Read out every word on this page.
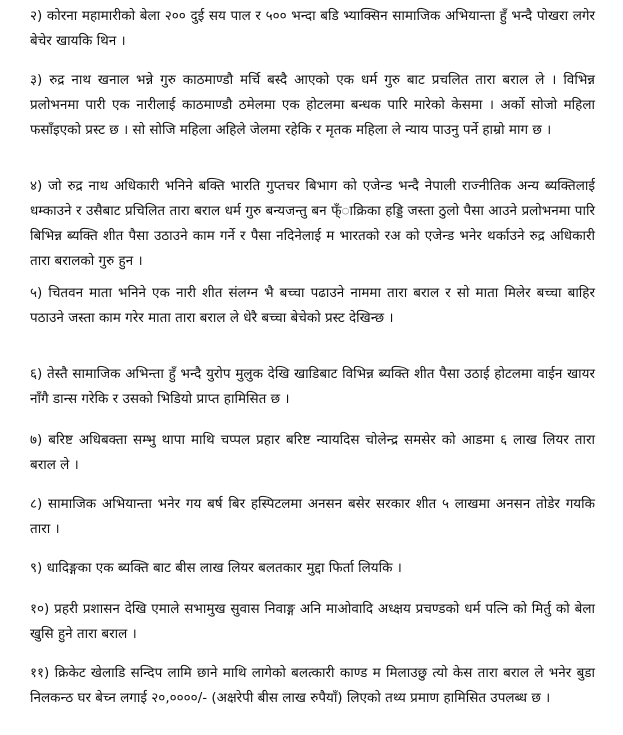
२) कोरना महामारीको बेला २०० दुई सय पाल र ५०० भन्दा बडि भ्याक्सिन सामाजिक अभियान्ता हुँ भन्दै पोखरा लगेर बेचेर खायकि थिन ।

३) रुद्र नाथ खनाल भन्ने गुरु काठमाण्डौ मर्चि बस्दै आएको एक धर्म गुरु बाट प्रचलित तारा बराल ले । विभिन्न प्रलोभनमा पारी एक नारीलाई काठमाण्डौ ठमेलमा एक होटलमा बन्धक पारि मारेको केसमा । अर्को सोजो महिला फसाँइएको प्रस्ट छ । सो सोजि महिला अहिले जेलमा रहेकि र मृतक महिला ले न्याय पाउनु पर्ने हाम्रो माग छ ।

४) जो रुद्र नाथ अधिकारी भनिने बक्ति भारति गुप्तचर बिभाग को एजेन्ड भन्दै नेपाली राज्नीतिक अन्य ब्यक्तिलाई धम्काउने र उसैबाट प्रचिलित तारा बराल धर्म गुरु बन्यजन्तु बन फ्ँाक्रिका हड्डि जस्ता ठुलो पैसा आउने प्रलोभनमा पारि बिभिन्न ब्यक्ति शीत पैसा उठाउने काम गर्ने र पैसा नदिनेलाई म भारतको रअ को एजेन्ड भनेर थर्काउने रुद्र अधिकारी तारा बरालको गुरु हुन ।

५) चितवन माता भनिने एक नारी शीत संलग्न भै बच्चा पढाउने नाममा तारा बराल र सो माता मिलेर बच्चा बाहिर पठाउने जस्ता काम गरेर माता तारा बराल ले धेरै बच्चा बेचेको प्रस्ट देखिन्छ ।

६) तेस्तै सामाजिक अभिन्ता हुँ भन्दै युरोप मुलुक देखि खाडिबाट विभिन्न ब्यक्ति शीत पैसा उठाई होटलमा वाईन खायर नाँगै डान्स गरेकि र उसको भिडियो प्राप्त हामिसित छ ।

७) बरिष्ट अधिबक्ता सम्भु थापा माथि चप्पल प्रहार बरिष्ट न्यायदिस चोलेन्द्र समसेर को आडमा ६ लाख लियर तारा बराल ले ।

८) सामाजिक अभियान्ता भनेर गय बर्ष बिर हस्पिटलमा अनसन बसेर सरकार शीत ५ लाखमा अनसन तोडेर गयकि तारा ।

९) धादिङ्गका एक ब्यक्ति बाट बीस लाख लियर बलतकार मुद्दा फिर्ता लियकि ।

१०) प्रहरी प्रशासन देखि एमाले सभामुख सुवास निवाङ्ग अनि माओवादि अध्क्षय प्रचण्डको धर्म पत्नि को मिर्तु को बेला खुसि हुने तारा बराल ।

११) क्रिकेट खेलाडि सन्दिप लामि छाने माथि लागेको बलत्कारी काण्ड म मिलाउछु त्यो केस तारा बराल ले भनेर बुडा निलकन्ठ घर बेच्न लगाई २०,००००/- (अक्षरेपी बीस लाख रुपैयाँ) लिएको तथ्य प्रमाण हामिसित उपलब्ध छ ।
